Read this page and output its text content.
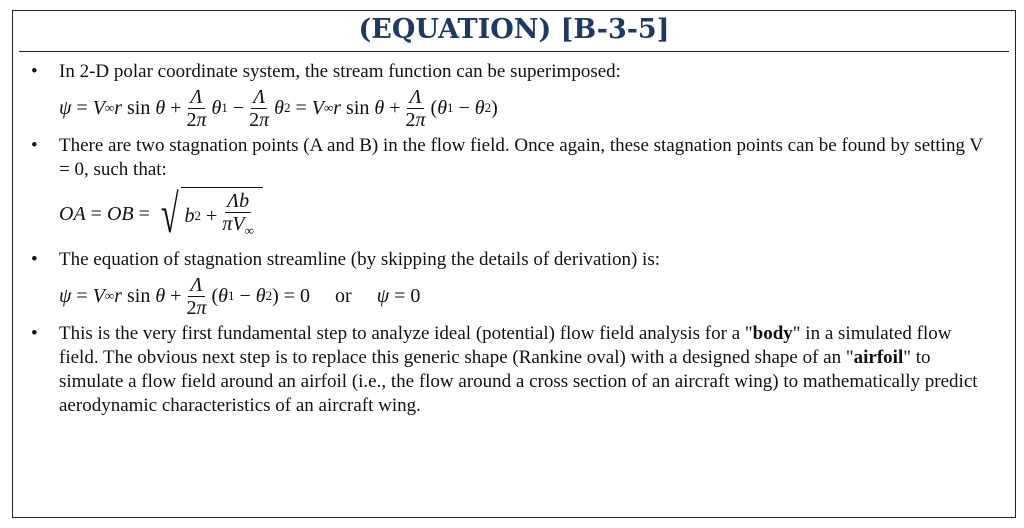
(EQUATION) [B-3-5]
• In 2-D polar coordinate system, the stream function can be superimposed:
ψ = V ∞ r $\sin \theta + \frac{\Lambda}{2\pi}$ θ $1 - \frac{\Lambda}{2\pi}$ θ 2 = V ∞ r $\sin \theta + \frac{\Lambda}{2\pi}$ ( θ 1 − θ 2 )
• There are two stagnation points (A and B) in the flow field. Once again, these stagnation points can be found by setting V = 0, such that:
OA = OB = √ b $2 + \frac{\Lambda b}{\pi V_\infty}$
• The equation of stagnation streamline (by skipping the details of derivation) is:
ψ = V ∞ r $\sin \theta + \frac{\Lambda}{2\pi}$ ( θ 1 − θ 2 ) = 0     or ψ = 0
• This is the very first fundamental step to analyze ideal (potential) flow field analysis for a "body" in a simulated flow field. The obvious next step is to replace this generic shape (Rankine oval) with a designed shape of an "airfoil" to simulate a flow field around an airfoil (i.e., the flow around a cross section of an aircraft wing) to mathematically predict aerodynamic characteristics of an aircraft wing.
